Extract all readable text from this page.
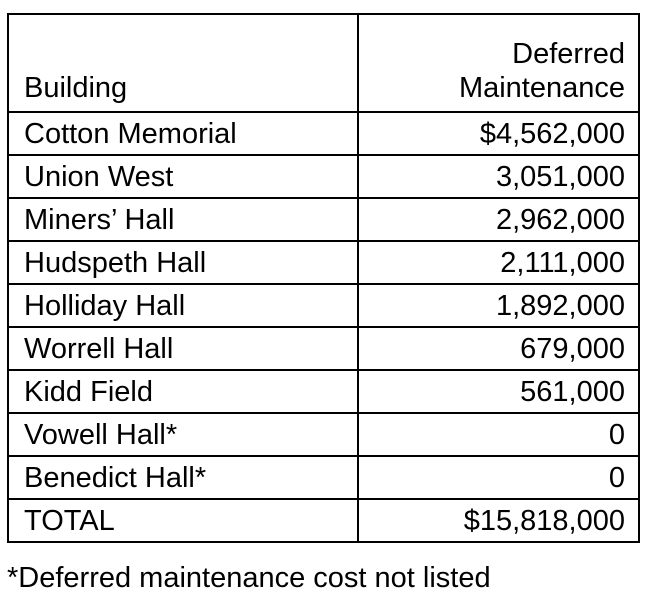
Building	Deferred
Maintenance
Cotton Memorial	$4,562,000
Union West	3,051,000
Miners’ Hall	2,962,000
Hudspeth Hall	2,111,000
Holliday Hall	1,892,000
Worrell Hall	679,000
Kidd Field	561,000
Vowell Hall*	0
Benedict Hall*	0
TOTAL	$15,818,000
*Deferred maintenance cost not listed
